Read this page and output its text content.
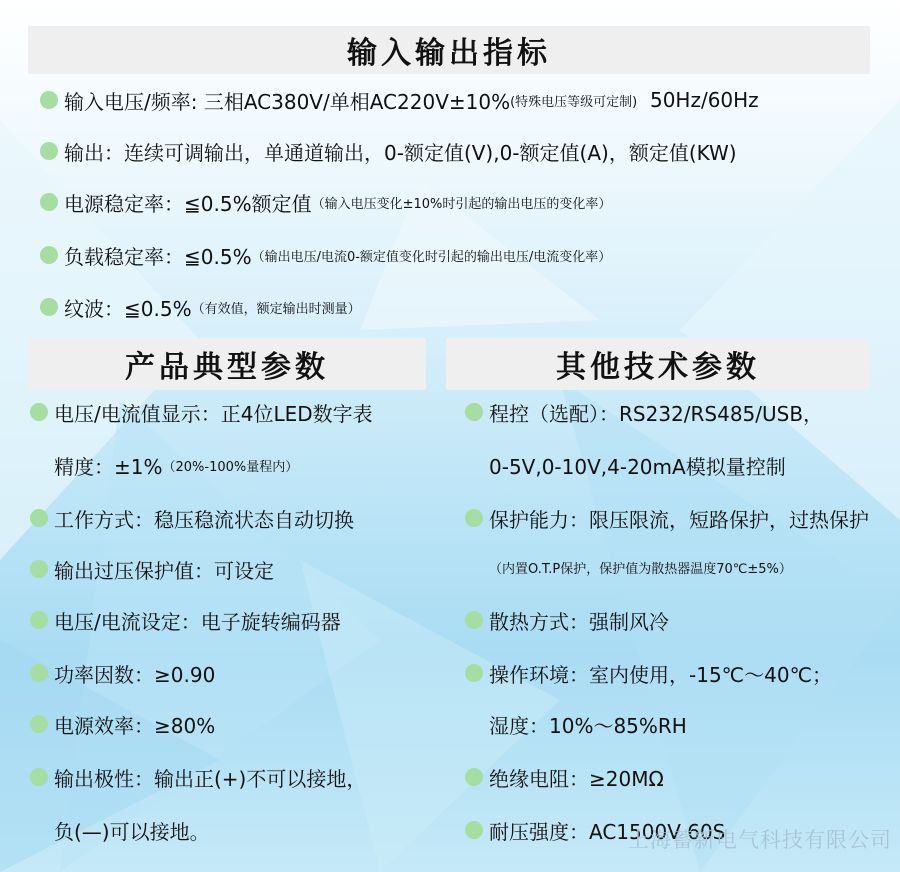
输入输出指标
输入电压/频率: 三相AC380V/单相AC220V±10% (特殊电压等级可定制) 50Hz/60Hz
输出：连续可调输出，单通道输出，0-额定值(V),0-额定值(A)，额定值(KW)
电源稳定率：≦0.5%额定值 （输入电压变化±10%时引起的输出电压的变化率）
负载稳定率：≦0.5% （输出电压/电流0-额定值变化时引起的输出电压/电流变化率）
纹波：≦0.5% （有效值，额定输出时测量）
产品典型参数	其他技术参数
电压/电流值显示：正4位LED数字表
精度：±1% （20%-100%量程内）
工作方式：稳压稳流状态自动切换
输出过压保护值：可设定
电压/电流设定：电子旋转编码器
功率因数：≥0.90
电源效率：≥80%
输出极性：输出正(+)不可以接地，
负(—)可以接地。
程控（选配）：RS232/RS485/USB，
0-5V,0-10V,4-20mA模拟量控制
保护能力：限压限流，短路保护，过热保护
（内置O.T.P保护，保护值为散热器温度70℃±5%）
散热方式：强制风冷
操作环境：室内使用，-15℃～40℃；
湿度：10%～85%RH
绝缘电阻：≥20MΩ
耐压强度：AC1500V 60S
上海蓄新电气科技有限公司
